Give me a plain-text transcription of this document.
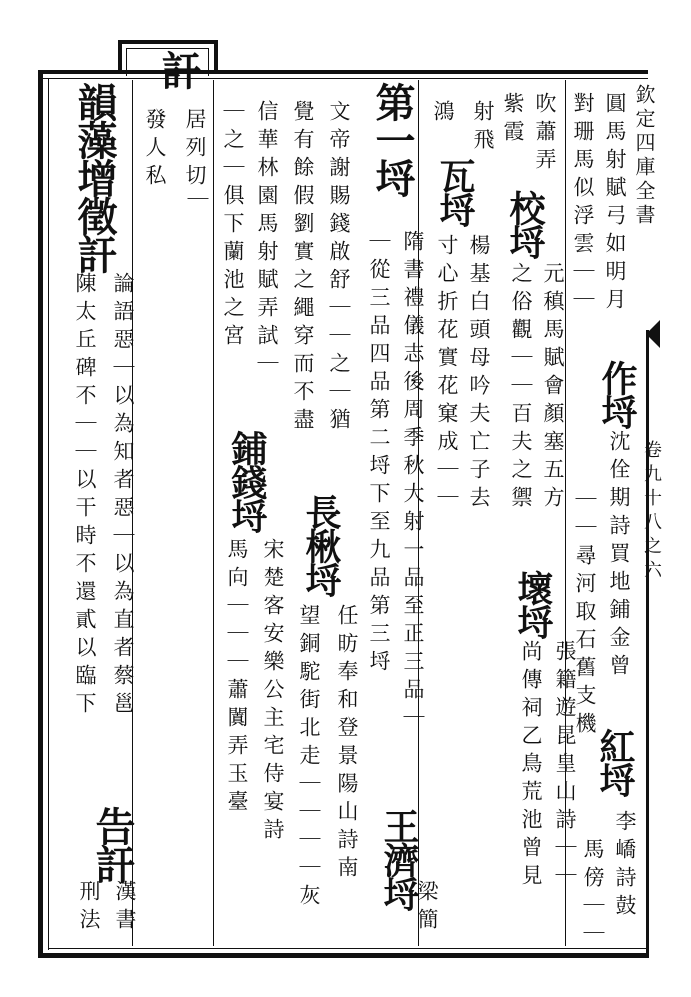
欽定四庫全書
卷九十八之六
圓馬射賦弓如明月
對珊馬似浮雲｜｜
作埒
沈佺期詩買地鋪金曾
｜｜尋河取石舊支機
紅埒
李嶠詩鼓
馬傍｜｜
吹蕭弄
校埒
元稹馬賦會顏塞五方
之俗觀｜｜百夫之禦
壞埒
張籍遊昆皇山詩｜｜
尚傳祠乙鳥荒池曾見
紫霞
射飛
瓦埒
楊基白頭母吟夫亡子去
鴻
寸心折花實花窠成｜｜
第一埒
隋書禮儀志後周季秋大射一品至正三品｜
｜從三品四品第二埒下至九品第三埒
王濟埒
梁簡
文帝謝賜錢啟舒｜｜之｜猶
長楸埒
任昉奉和登景陽山詩南
覺有餘假劉實之繩穿而不盡
望銅駝街北走｜｜｜｜灰
信華林園馬射賦弄試｜
鋪錢埒
宋楚客安樂公主宅侍宴詩
｜之｜俱下蘭池之宮
馬向｜｜｜蕭闐弄玉臺
訐
居列切
發人私
｜
韻藻增徵訐
論語惡｜以為知者惡｜以為直者蔡邕
陳太丘碑不｜｜以干時不還貳以臨下
告訐
漢書
刑法
